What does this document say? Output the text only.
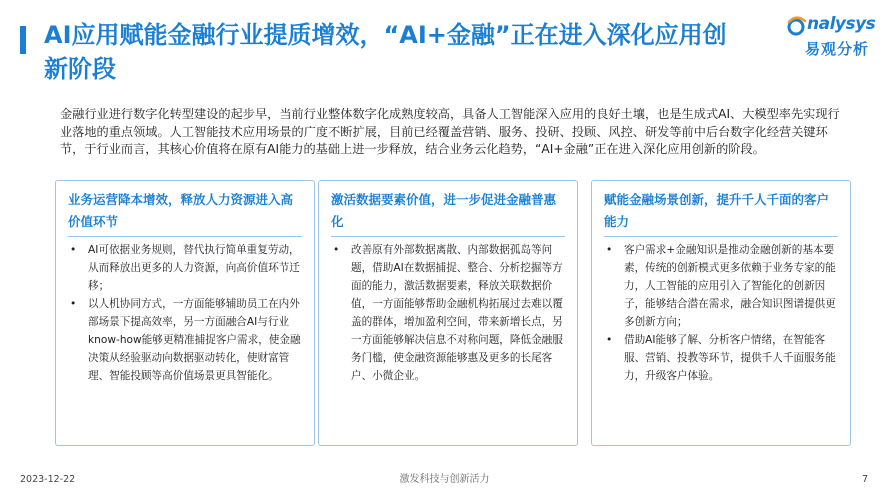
AI应用赋能金融行业提质增效，“AI+金融”正在进入深化应用创新阶段
nalysys
易观分析

金融行业进行数字化转型建设的起步早，当前行业整体数字化成熟度较高，具备人工智能深入应用的良好土壤，也是生成式AI、大模型率先实现行业落地的重点领域。人工智能技术应用场景的广度不断扩展，目前已经覆盖营销、服务、投研、投顾、风控、研发等前中后台数字化经营关键环节，于行业而言，其核心价值将在原有AI能力的基础上进一步释放，结合业务云化趋势，“AI+金融”正在进入深化应用创新的阶段。

业务运营降本增效，释放人力资源进入高价值环节
• AI可依据业务规则，替代执行简单重复劳动，从而释放出更多的人力资源，向高价值环节迁移；
• 以人机协同方式，一方面能够辅助员工在内外部场景下提高效率，另一方面融合AI与行业know-how能够更精准捕捉客户需求，使金融决策从经验驱动向数据驱动转化，使财富管理、智能投顾等高价值场景更具智能化。
激活数据要素价值，进一步促进金融普惠化
• 改善原有外部数据离散、内部数据孤岛等问题，借助AI在数据捕捉、整合、分析挖掘等方面的能力，激活数据要素，释放关联数据价值，一方面能够帮助金融机构拓展过去难以覆盖的群体，增加盈利空间，带来新增长点，另一方面能够解决信息不对称问题，降低金融服务门槛，使金融资源能够惠及更多的长尾客户、小微企业。
赋能金融场景创新，提升千人千面的客户能力
• 客户需求+金融知识是推动金融创新的基本要素，传统的创新模式更多依赖于业务专家的能力，人工智能的应用引入了智能化的创新因子，能够结合潜在需求，融合知识图谱提供更多创新方向；
• 借助AI能够了解、分析客户情绪，在智能客服、营销、投教等环节，提供千人千面服务能力，升级客户体验。
2023-12-22	激发科技与创新活力	7
